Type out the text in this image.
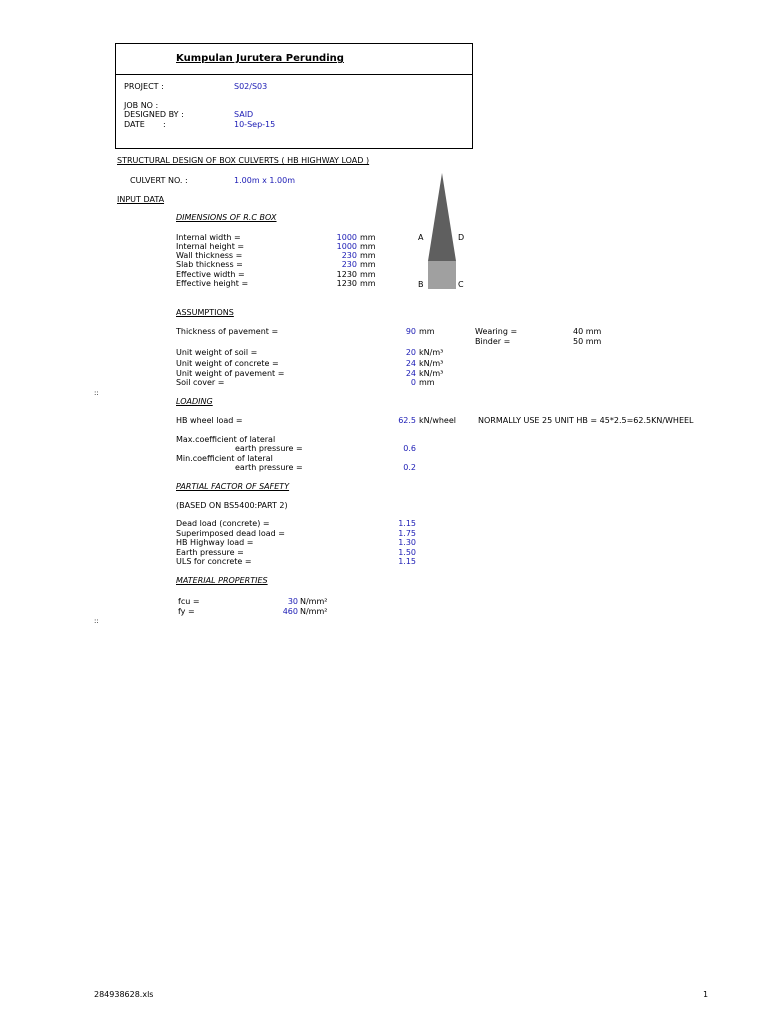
Kumpulan Jurutera Perunding
PROJECT :	S02/S03
JOB NO :
DESIGNED BY :	SAID
DATE :	10-Sep-15
STRUCTURAL DESIGN OF BOX CULVERTS ( HB HIGHWAY LOAD )
CULVERT NO. :	1.00m x 1.00m
INPUT DATA
DIMENSIONS OF R.C BOX
Internal width =	1000 mm
Internal height =	1000 mm
Wall thickness =	230 mm
Slab thickness =	230 mm
Effective width =	1230 mm
Effective height =	1230 mm
A	D
B	C
ASSUMPTIONS
Thickness of pavement =	90 mm	Wearing =	40 mm
Binder =	50 mm
Unit weight of soil =	20 kN/m³
Unit weight of concrete =	24 kN/m³
Unit weight of pavement =	24 kN/m³
Soil cover =	0 mm
::
LOADING
HB wheel load =	62.5 kN/wheel	NORMALLY USE 25 UNIT HB = 45*2.5=62.5KN/WHEEL
Max.coefficient of lateral
earth pressure =	0.6
Min.coefficient of lateral
earth pressure =	0.2
PARTIAL FACTOR OF SAFETY
(BASED ON BS5400:PART 2)
Dead load (concrete) =	1.15
Superimposed dead load =	1.75
HB Highway load =	1.30
Earth pressure =	1.50
ULS for concrete =	1.15
MATERIAL PROPERTIES
fcu =	30 N/mm²
fy =	460 N/mm²
::
284938628.xls	1
